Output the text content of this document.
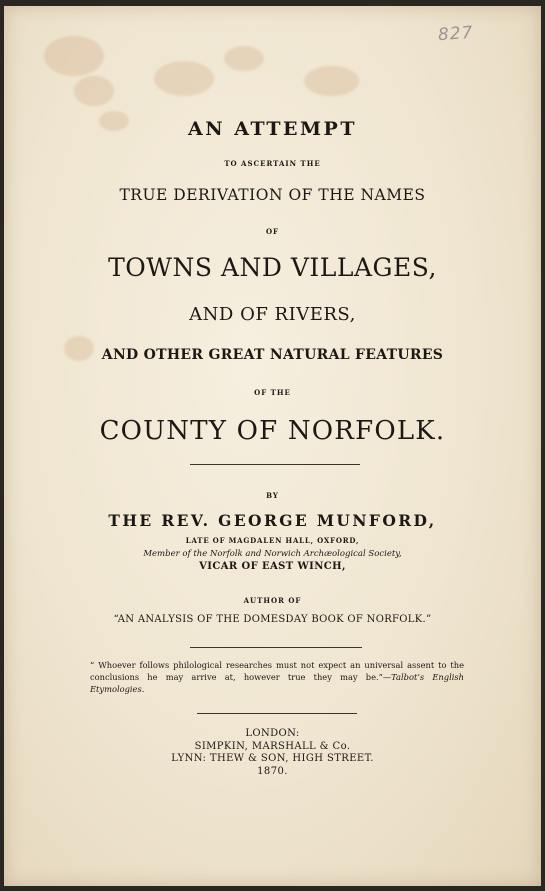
827
AN ATTEMPT
TO ASCERTAIN THE
TRUE DERIVATION OF THE NAMES
OF
TOWNS AND VILLAGES,
AND OF RIVERS,
AND OTHER GREAT NATURAL FEATURES
OF THE
COUNTY OF NORFOLK.
BY
THE REV. GEORGE MUNFORD,
LATE OF MAGDALEN HALL, OXFORD,
Member of the Norfolk and Norwich Archæological Society,
VICAR OF EAST WINCH,
AUTHOR OF
“AN ANALYSIS OF THE DOMESDAY BOOK OF NORFOLK.”
“ Whoever follows philological researches must not expect an universal assent to the conclusions he may arrive at, however true they may be.”—Talbot’s English Etymologies.
LONDON:
SIMPKIN, MARSHALL & Co.
LYNN: THEW & SON, HIGH STREET.
1870.
